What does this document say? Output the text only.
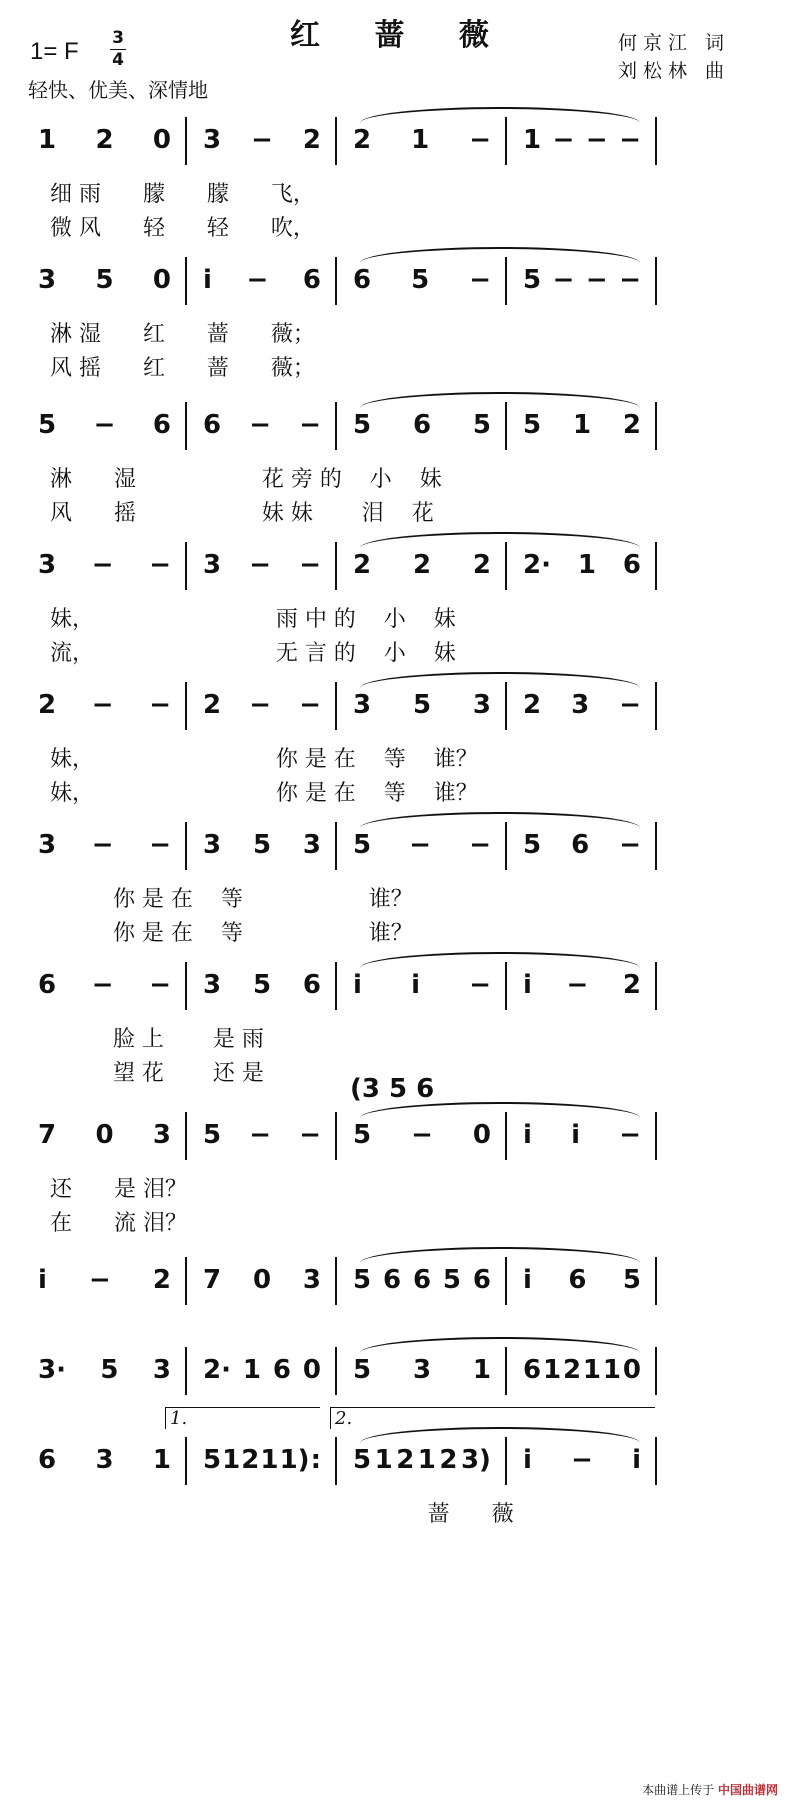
红 蔷 薇
1= F 3
4
轻快、优美、深情地
何京江 词
刘松林 曲
1 2 0 3 − 2 2 1 − 1 − − −
细 雨      朦      朦      飞，
微 风      轻      轻      吹，
3 5 0 i − 6 6 5 − 5 − − −
淋 湿      红      蔷      薇；
风 摇      红      蔷      薇；
5 − 6 6 − − 5 6 5 5 1 2
淋      湿                  花 旁 的    小    妹
风      摇                  妹 妹       泪    花
3 − − 3 − − 2 2 2 2· 1 6
妹，                          雨 中 的    小    妹
流，                          无 言 的    小    妹
2 − − 2 − − 3 5 3 2 3 −
妹，                          你 是 在    等    谁？
妹，                          你 是 在    等    谁？
3 − − 3 5 3 5 − − 5 6 −
你 是 在    等                  谁？
你 是 在    等                  谁？
6 − − 3 5 6 i i − i − 2
脸 上       是 雨
望 花       还 是
7 0 3 5 − − 5 − 0 i i −
(3 5 6
还      是 泪？
在      流 泪？
i − 2 7 0 3 5 6 6 5 6 i 6 5
3· 5 3 2· 1 6 0 5 3 1 6 1 2 1 1 0
6 3 1 5 1 2 1 1) : 5 1 2 1 2 3) i − i
1.	2.
蔷      薇
本曲谱上传于 中国曲谱网
